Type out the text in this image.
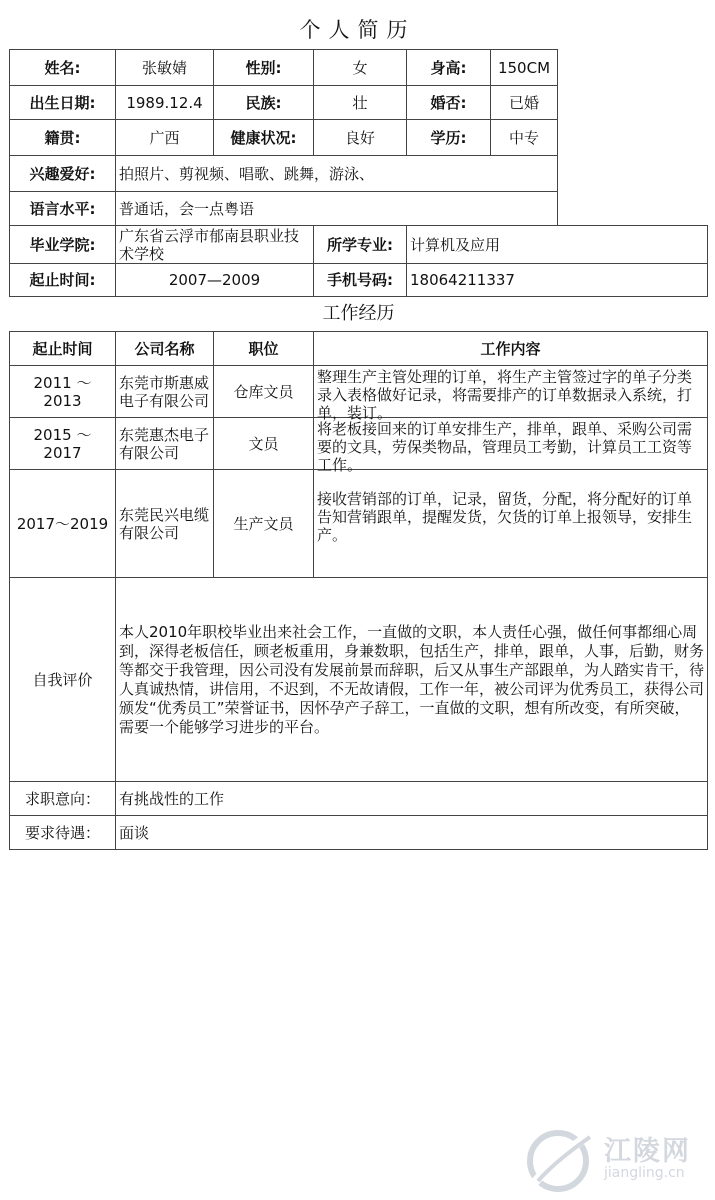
个人简历
姓名:	张敏婧	性别:	女	身高:	150CM
出生日期:	1989.12.4	民族:	壮	婚否:	已婚
籍贯:	广西	健康状况:	良好	学历:	中专
兴趣爱好:	拍照片、剪视频、唱歌、跳舞，游泳、				
语言水平:	普通话，会一点粤语				
毕业学院:	广东省云浮市郁南县职业技术学校	所学专业:	计算机及应用
起止时间:	2007—2009	手机号码:	18064211337
工作经历			
起止时间	公司名称	职位	工作内容
2011 ～ 2013	东莞市斯惠威电子有限公司	仓库文员	整理生产主管处理的订单，将生产主管签过字的单子分类录入表格做好记录，将需要排产的订单数据录入系统，打单，装订。

2015 ～ 2017	东莞惠杰电子有限公司	文员	将老板接回来的订单安排生产，排单，跟单、采购公司需要的文具，劳保类物品，管理员工考勤，计算员工工资等工作。

2017～2019	东莞民兴电缆有限公司	生产文员	接收营销部的订单，记录，留货，分配，将分配好的订单告知营销跟单，提醒发货，欠货的订单上报领导，安排生产。
自我评价	本人2010年职校毕业出来社会工作，一直做的文职，本人责任心强，做任何事都细心周到，深得老板信任，顾老板重用，身兼数职，包括生产，排单，跟单，人事，后勤，财务等都交于我管理，因公司没有发展前景而辞职，后又从事生产部跟单，为人踏实肯干，待人真诚热情，讲信用，不迟到，不无故请假，工作一年，被公司评为优秀员工，获得公司颁发“优秀员工”荣誉证书，因怀孕产子辞工，一直做的文职，想有所改变，有所突破，需要一个能够学习进步的平台。		
求职意向：	有挑战性的工作		
要求待遇：	面谈		
江陵网
jiangling.cn
